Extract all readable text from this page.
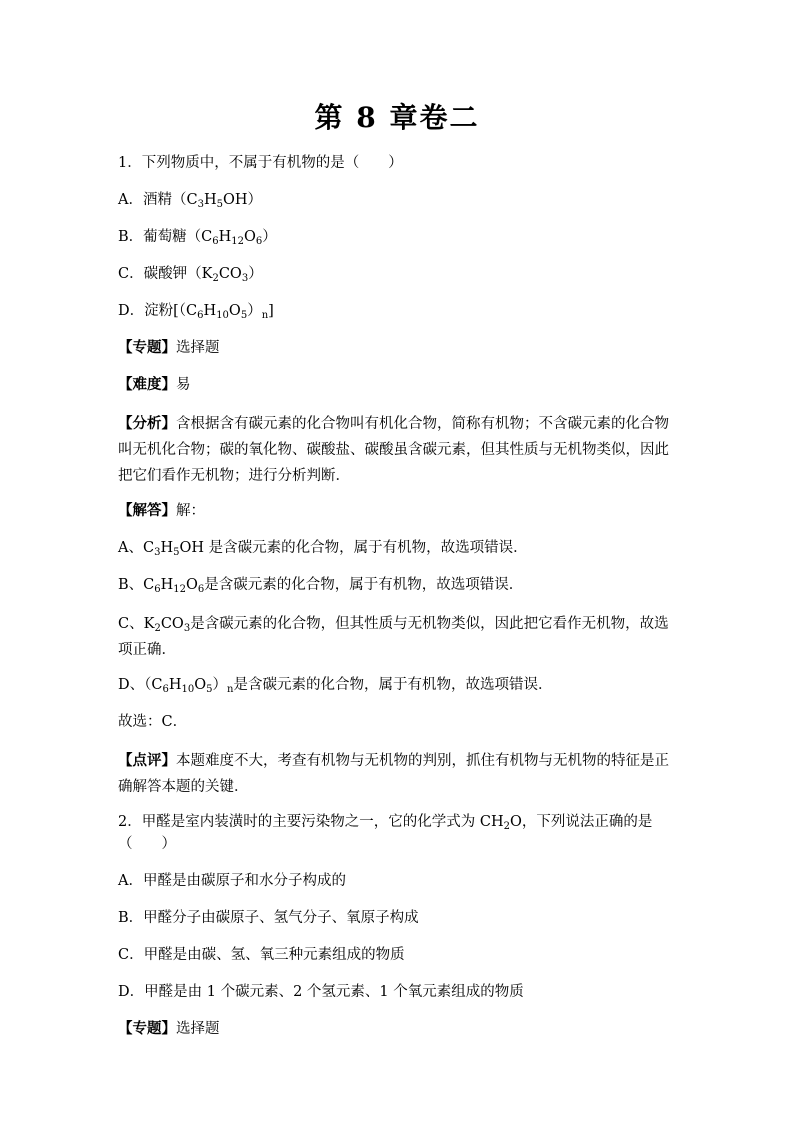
第 8 章卷二
1．下列物质中，不属于有机物的是（　　）
A．酒精$(C_3H_5OH)$
B．葡萄糖$(C_6H_{12}O_6)$
C．碳酸钾$(K_2CO_3)$
D．淀粉$[(C_6H_{10}O_5)_n]$
【专题】选择题
【难度】易
【分析】含根据含有碳元素的化合物叫有机化合物，简称有机物；不含碳元素的化合物叫无机化合物；碳的氧化物、碳酸盐、碳酸虽含碳元素，但其性质与无机物类似，因此把它们看作无机物；进行分析判断．
【解答】解：
A、$C_3H_5OH$ 是含碳元素的化合物，属于有机物，故选项错误．
B、$C_6H_{12}O_6$是含碳元素的化合物，属于有机物，故选项错误．
C、$K_2CO_3$是含碳元素的化合物，但其性质与无机物类似，因此把它看作无机物，故选项正确．
D、$(C_6H_{10}O_5)_n$是含碳元素的化合物，属于有机物，故选项错误．
故选：C．
【点评】本题难度不大，考查有机物与无机物的判别，抓住有机物与无机物的特征是正确解答本题的关键．
2．甲醛是室内装潢时的主要污染物之一，它的化学式为 $CH_2O$，下列说法正确的是（　　）
A．甲醛是由碳原子和水分子构成的
B．甲醛分子由碳原子、氢气分子、氧原子构成
C．甲醛是由碳、氢、氧三种元素组成的物质
D．甲醛是由 1 个碳元素、2 个氢元素、1 个氧元素组成的物质
【专题】选择题
